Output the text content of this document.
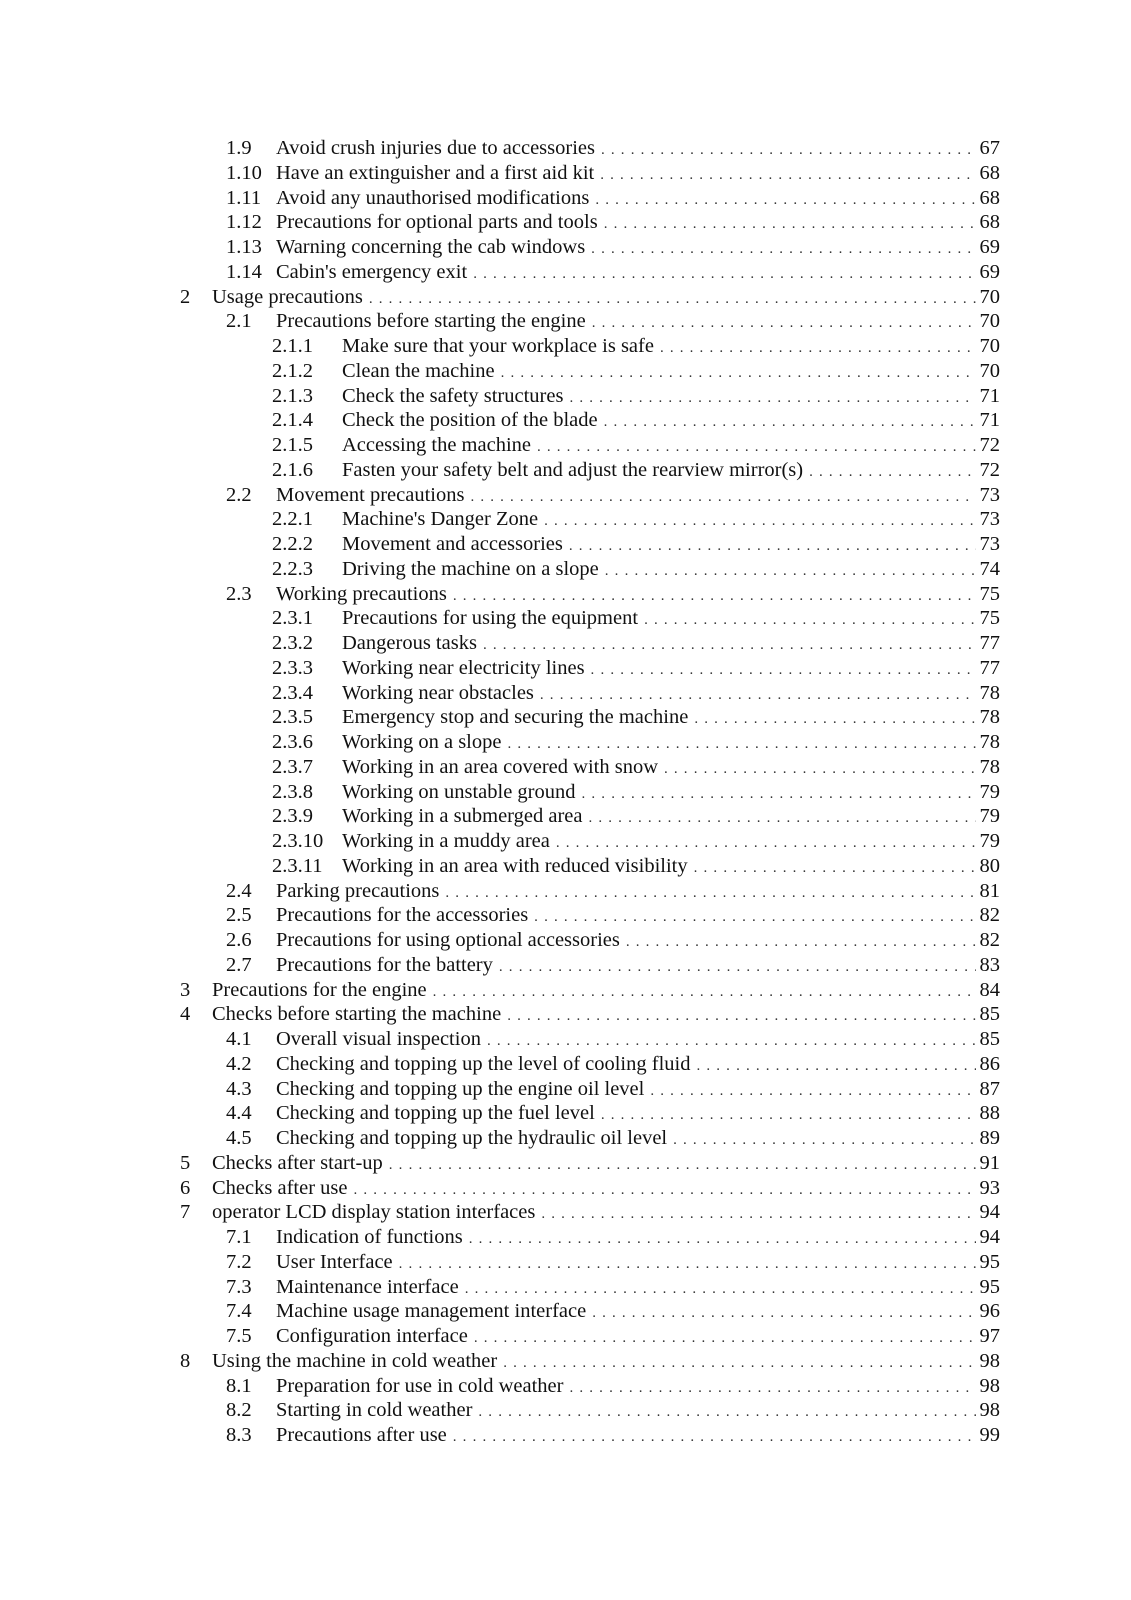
1.9 Avoid crush injuries due to accessories . . .	67
1.10 Have an extinguisher and a first aid kit . . .	68
1.11 Avoid any unauthorised modifications . . .	68
1.12 Precautions for optional parts and tools . . .	68
1.13 Warning concerning the cab windows . . .	69
1.14 Cabin's emergency exit . . .	69
2 Usage precautions . . .	70
2.1 Precautions before starting the engine . . .	70
2.1.1 Make sure that your workplace is safe . . .	70
2.1.2 Clean the machine . . .	70
2.1.3 Check the safety structures . . .	71
2.1.4 Check the position of the blade . . .	71
2.1.5 Accessing the machine . . .	72
2.1.6 Fasten your safety belt and adjust the rearview mirror(s) . . .	72
2.2 Movement precautions . . .	73
2.2.1 Machine's Danger Zone . . .	73
2.2.2 Movement and accessories . . .	73
2.2.3 Driving the machine on a slope . . .	74
2.3 Working precautions . . .	75
2.3.1 Precautions for using the equipment . . .	75
2.3.2 Dangerous tasks . . .	77
2.3.3 Working near electricity lines . . .	77
2.3.4 Working near obstacles . . .	78
2.3.5 Emergency stop and securing the machine . . .	78
2.3.6 Working on a slope . . .	78
2.3.7 Working in an area covered with snow . . .	78
2.3.8 Working on unstable ground . . .	79
2.3.9 Working in a submerged area . . .	79
2.3.10 Working in a muddy area . . .	79
2.3.11 Working in an area with reduced visibility . . .	80
2.4 Parking precautions . . .	81
2.5 Precautions for the accessories . . .	82
2.6 Precautions for using optional accessories . . .	82
2.7 Precautions for the battery . . .	83
3 Precautions for the engine . . .	84
4 Checks before starting the machine . . .	85
4.1 Overall visual inspection . . .	85
4.2 Checking and topping up the level of cooling fluid . . .	86
4.3 Checking and topping up the engine oil level . . .	87
4.4 Checking and topping up the fuel level . . .	88
4.5 Checking and topping up the hydraulic oil level . . .	89
5 Checks after start-up . . .	91
6 Checks after use . . .	93
7 operator LCD display station interfaces . . .	94
7.1 Indication of functions . . .	94
7.2 User Interface . . .	95
7.3 Maintenance interface . . .	95
7.4 Machine usage management interface . . .	96
7.5 Configuration interface . . .	97
8 Using the machine in cold weather . . .	98
8.1 Preparation for use in cold weather . . .	98
8.2 Starting in cold weather . . .	98
8.3 Precautions after use . . .	99
